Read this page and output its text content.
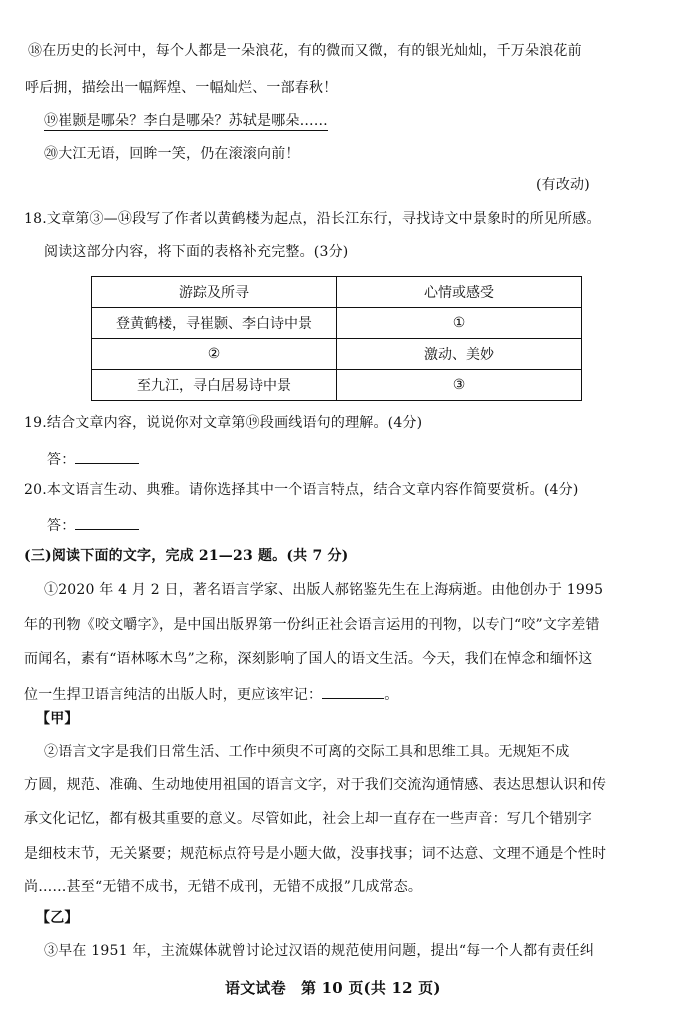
⑱在历史的长河中，每个人都是一朵浪花，有的微而又微，有的银光灿灿，千万朵浪花前
呼后拥，描绘出一幅辉煌、一幅灿烂、一部春秋！
⑲崔颢是哪朵？李白是哪朵？苏轼是哪朵……
⑳大江无语，回眸一笑，仍在滚滚向前！
(有改动)
18.文章第③—⑭段写了作者以黄鹤楼为起点，沿长江东行，寻找诗文中景象时的所见所感。
阅读这部分内容，将下面的表格补充完整。(3分)
游踪及所寻	心情或感受
登黄鹤楼，寻崔颢、李白诗中景	①
②	激动、美妙
至九江，寻白居易诗中景	③
19.结合文章内容，说说你对文章第⑲段画线语句的理解。(4分)
答：
20.本文语言生动、典雅。请你选择其中一个语言特点，结合文章内容作简要赏析。(4分)
答：
(三)阅读下面的文字，完成 21—23 题。(共 7 分)
①2020 年 4 月 2 日，著名语言学家、出版人郝铭鉴先生在上海病逝。由他创办于 1995
年的刊物《咬文嚼字》，是中国出版界第一份纠正社会语言运用的刊物，以专门“咬”文字差错
而闻名，素有“语林啄木鸟”之称，深刻影响了国人的语文生活。今天，我们在悼念和缅怀这
位一生捍卫语言纯洁的出版人时，更应该牢记：	。
【甲】
②语言文字是我们日常生活、工作中须臾不可离的交际工具和思维工具。无规矩不成
方圆，规范、准确、生动地使用祖国的语言文字，对于我们交流沟通情感、表达思想认识和传
承文化记忆，都有极其重要的意义。尽管如此，社会上却一直存在一些声音：写几个错别字
是细枝末节，无关紧要；规范标点符号是小题大做，没事找事；词不达意、文理不通是个性时
尚……甚至“无错不成书，无错不成刊，无错不成报”几成常态。
【乙】
③早在 1951 年，主流媒体就曾讨论过汉语的规范使用问题，提出“每一个人都有责任纠
语文试卷　第 10 页(共 12 页)
